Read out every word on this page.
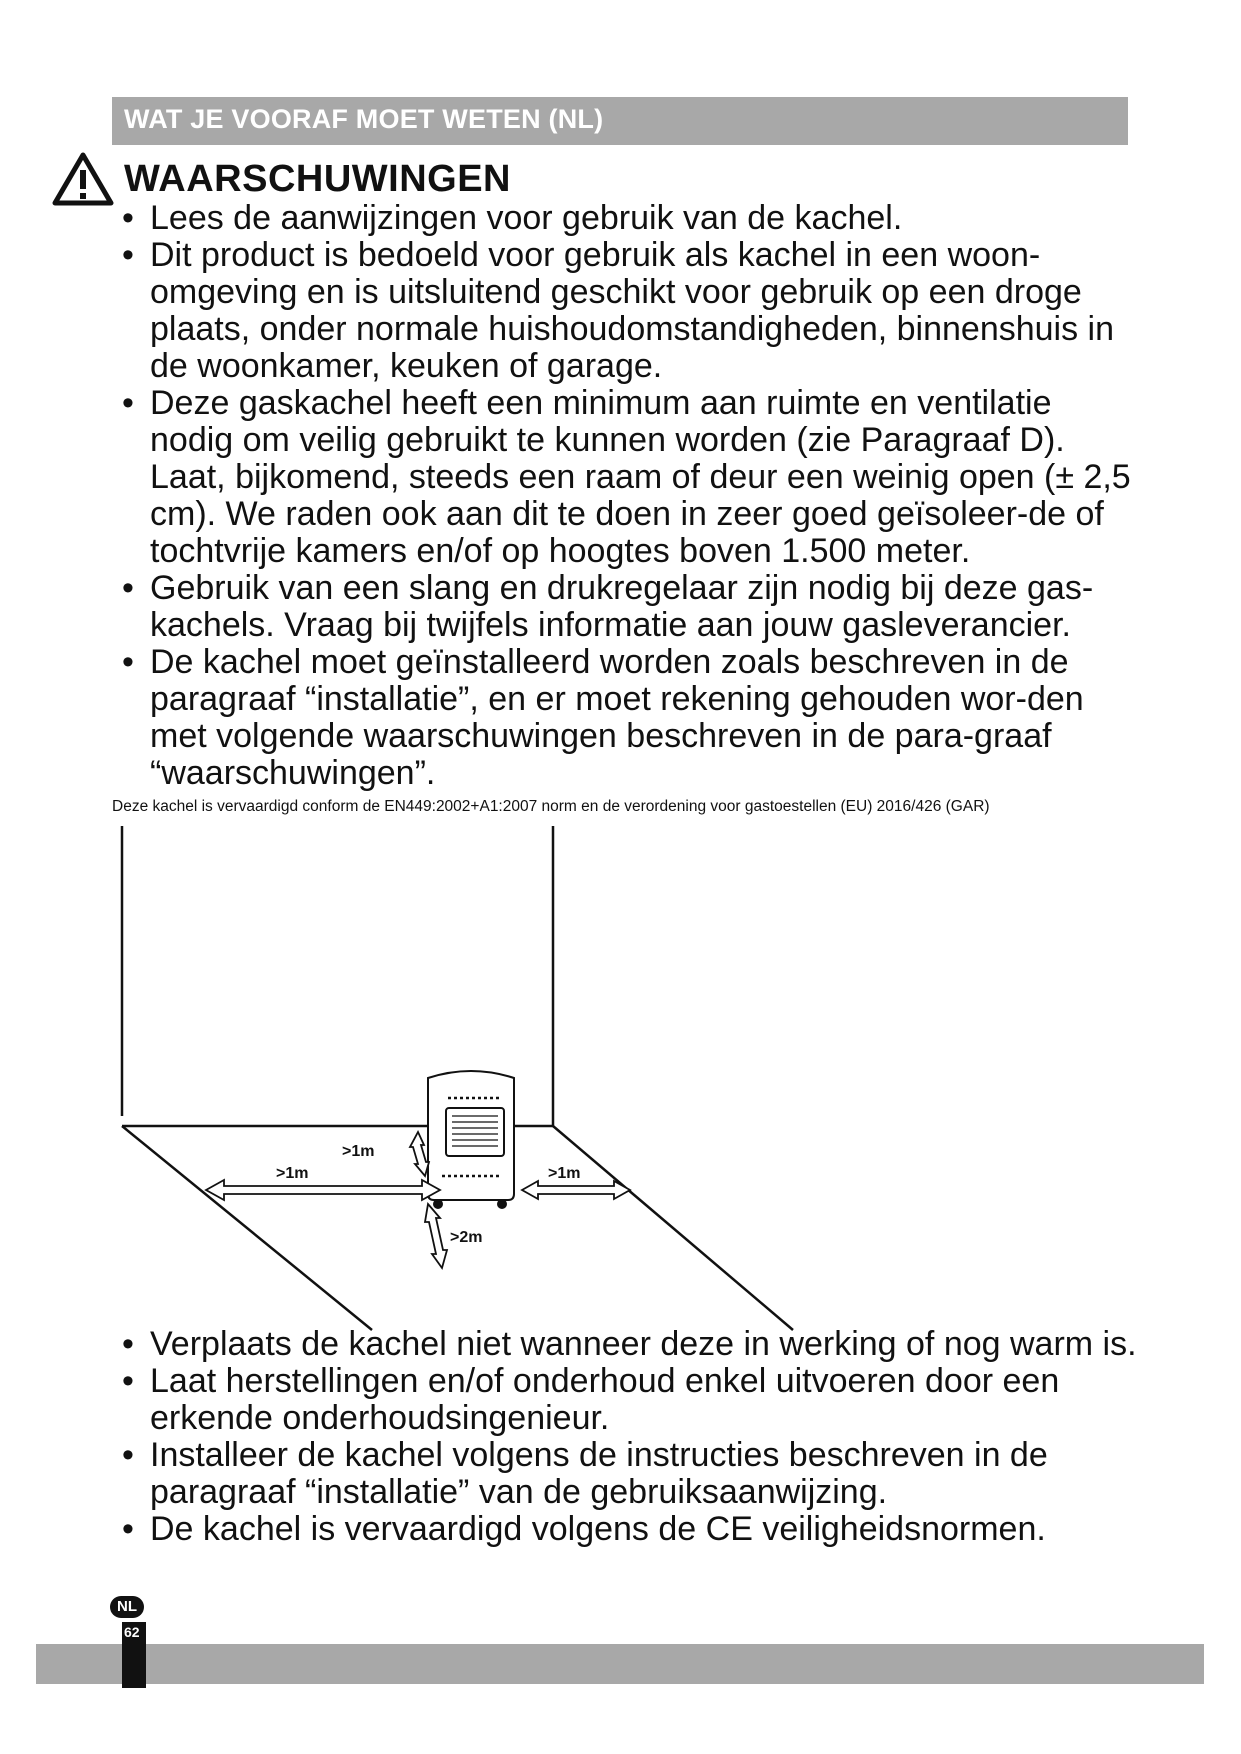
WAT JE VOORAF MOET WETEN (NL)
WAARSCHUWINGEN
• Lees de aanwijzingen voor gebruik van de kachel.
• Dit product is bedoeld voor gebruik als kachel in een woon-omgeving en is uitsluitend geschikt voor gebruik op een droge plaats, onder normale huishoudomstandigheden, binnenshuis in de woonkamer, keuken of garage.
• Deze gaskachel heeft een minimum aan ruimte en ventilatie nodig om veilig gebruikt te kunnen worden (zie Paragraaf D). Laat, bijkomend, steeds een raam of deur een weinig open (± 2,5 cm). We raden ook aan dit te doen in zeer goed geïsoleer-de of tochtvrije kamers en/of op hoogtes boven 1.500 meter.
• Gebruik van een slang en drukregelaar zijn nodig bij deze gas-kachels. Vraag bij twijfels informatie aan jouw gasleverancier.
• De kachel moet geïnstalleerd worden zoals beschreven in de paragraaf “installatie”, en er moet rekening gehouden wor-den met volgende waarschuwingen beschreven in de para-graaf “waarschuwingen”.
Deze kachel is vervaardigd conform de EN449:2002+A1:2007 norm en de verordening voor gastoestellen (EU) 2016/426 (GAR)
>1m
>1m
>1m
>2m
• Verplaats de kachel niet wanneer deze in werking of nog warm is.
• Laat herstellingen en/of onderhoud enkel uitvoeren door een erkende onderhoudsingenieur.
• Installeer de kachel volgens de instructies beschreven in de paragraaf “installatie” van de gebruiksaanwijzing.
• De kachel is vervaardigd volgens de CE veiligheidsnormen.
NL
62
